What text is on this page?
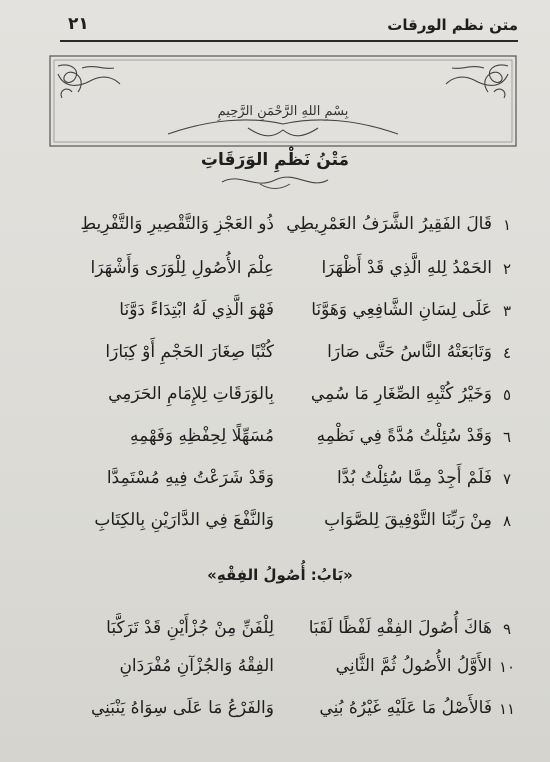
متن نظم الورقات
٢١
بِسْمِ اللهِ الرَّحْمَنِ الرَّحِيمِ
مَتْنُ نَظْمِ الوَرَقَاتِ
١
قَالَ الفَقِيرُ الشَّرَفُ العَمْرِيطِي
ذُو العَجْزِ وَالتَّقْصِيرِ وَالتَّفْرِيطِ
٢
الحَمْدُ لِلهِ الَّذِي قَدْ أَظْهَرَا
عِلْمَ الأُصُولِ لِلْوَرَى وَأَشْهَرَا
٣
عَلَى لِسَانِ الشَّافِعِي وَهَوَّنَا
فَهْوَ الَّذِي لَهُ ابْتِدَاءً دَوَّنَا
٤
وَتَابَعَتْهُ النَّاسُ حَتَّى صَارَا
كُتْبًا صِغَارَ الحَجْمِ أَوْ كِبَارَا
٥
وَخَيْرُ كُتْبِهِ الصِّغَارِ مَا سُمِي
بِالوَرَقَاتِ لِلإِمَامِ الحَرَمِي
٦
وَقَدْ سُئِلْتُ مُدَّةً فِي نَظْمِهِ
مُسَهِّلًا لِحِفْظِهِ وَفَهْمِهِ
٧
فَلَمْ أَجِدْ مِمَّا سُئِلْتُ بُدَّا
وَقَدْ شَرَعْتُ فِيهِ مُسْتَمِدَّا
٨
مِنْ رَبِّنَا التَّوْفِيقَ لِلصَّوَابِ
وَالنَّفْعَ فِي الدَّارَيْنِ بِالكِتَابِ
«بَابُ: أُصُولُ الفِقْهِ»
٩
هَاكَ أُصُولَ الفِقْهِ لَفْظًا لَقَبَا
لِلْفَنِّ مِنْ جُزْأَيْنِ قَدْ تَرَكَّبَا
١٠
الأَوَّلُ الأُصُولُ ثُمَّ الثَّانِي
الفِقْهُ وَالجُزْآنِ مُفْرَدَانِ
١١
فَالأَصْلُ مَا عَلَيْهِ غَيْرُهُ بُنِي
وَالفَرْعُ مَا عَلَى سِوَاهُ يَنْبَنِي
